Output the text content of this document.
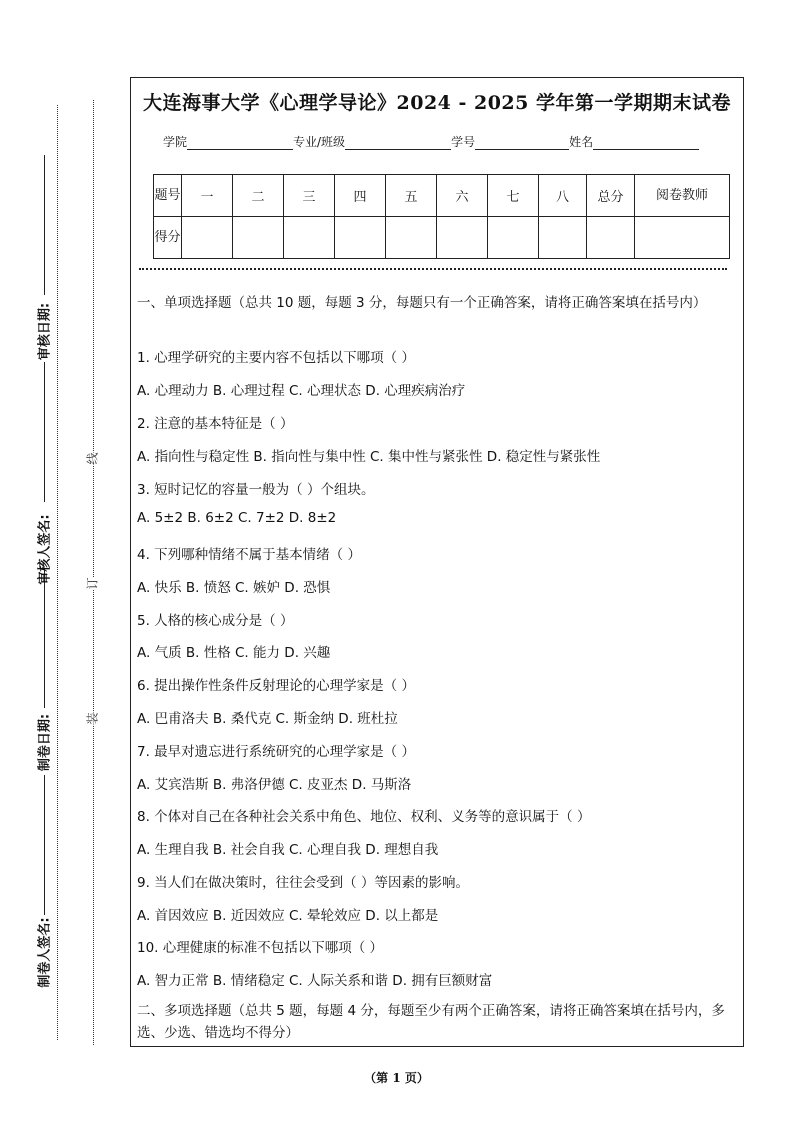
审核日期:
审核人签名:
制卷日期:
制卷人签名:
线
订
装
大连海事大学《心理学导论》2024 - 2025 学年第一学期期末试卷
学院	专业/班级	学号	姓名
题号	一	二	三	四	五	六	七	八	总分	阅卷教师
得分										
一、单项选择题（总共 10 题，每题 3 分，每题只有一个正确答案，请将正确答案填在括号内）
1. 心理学研究的主要内容不包括以下哪项（ ）
A. 心理动力 B. 心理过程 C. 心理状态 D. 心理疾病治疗
2. 注意的基本特征是（ ）
A. 指向性与稳定性 B. 指向性与集中性 C. 集中性与紧张性 D. 稳定性与紧张性
3. 短时记忆的容量一般为（ ）个组块。
A. 5±2 B. 6±2 C. 7±2 D. 8±2
4. 下列哪种情绪不属于基本情绪（ ）
A. 快乐 B. 愤怒 C. 嫉妒 D. 恐惧
5. 人格的核心成分是（ ）
A. 气质 B. 性格 C. 能力 D. 兴趣
6. 提出操作性条件反射理论的心理学家是（ ）
A. 巴甫洛夫 B. 桑代克 C. 斯金纳 D. 班杜拉
7. 最早对遗忘进行系统研究的心理学家是（ ）
A. 艾宾浩斯 B. 弗洛伊德 C. 皮亚杰 D. 马斯洛
8. 个体对自己在各种社会关系中角色、地位、权利、义务等的意识属于（ ）
A. 生理自我 B. 社会自我 C. 心理自我 D. 理想自我
9. 当人们在做决策时，往往会受到（ ）等因素的影响。
A. 首因效应 B. 近因效应 C. 晕轮效应 D. 以上都是
10. 心理健康的标准不包括以下哪项（ ）
A. 智力正常 B. 情绪稳定 C. 人际关系和谐 D. 拥有巨额财富
二、多项选择题（总共 5 题，每题 4 分，每题至少有两个正确答案，请将正确答案填在括号内，多选、少选、错选均不得分）
（第 1 页）
